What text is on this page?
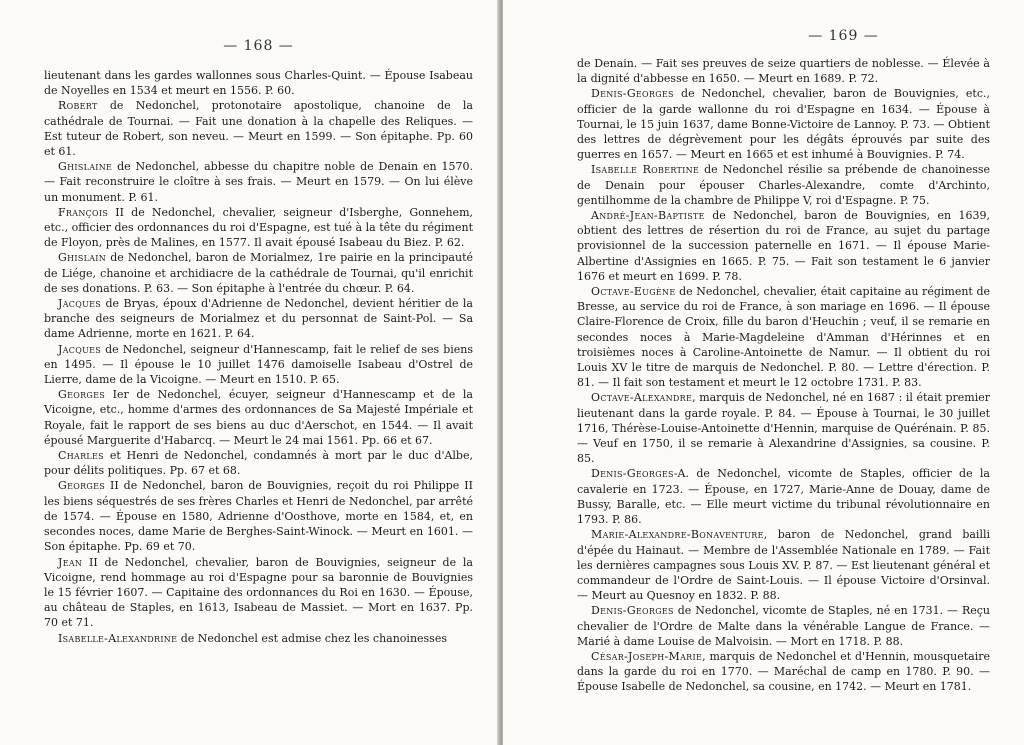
— 168 —

lieutenant dans les gardes wallonnes sous Charles-Quint. — Épouse Isabeau de Noyelles en 1534 et meurt en 1556. P. 60.

Robert de Nedonchel, protonotaire apostolique, chanoine de la cathédrale de Tournai. — Fait une donation à la chapelle des Reliques. — Est tuteur de Robert, son neveu. — Meurt en 1599. — Son épitaphe. Pp. 60 et 61.

Ghislaine de Nedonchel, abbesse du chapitre noble de Denain en 1570. — Fait reconstruire le cloître à ses frais. — Meurt en 1579. — On lui élève un monument. P. 61.

François II de Nedonchel, chevalier, seigneur d'Isberghe, Gonnehem, etc., officier des ordonnances du roi d'Espagne, est tué à la tête du régiment de Floyon, près de Malines, en 1577. Il avait épousé Isabeau du Biez. P. 62.

Ghislain de Nedonchel, baron de Morialmez, 1re pairie en la principauté de Liége, chanoine et archidiacre de la cathédrale de Tournai, qu'il enrichit de ses donations. P. 63. — Son épitaphe à l'entrée du chœur. P. 64.

Jacques de Bryas, époux d'Adrienne de Nedonchel, devient héritier de la branche des seigneurs de Morialmez et du personnat de Saint-Pol. — Sa dame Adrienne, morte en 1621. P. 64.

Jacques de Nedonchel, seigneur d'Hannescamp, fait le relief de ses biens en 1495. — Il épouse le 10 juillet 1476 damoiselle Isabeau d'Ostrel de Lierre, dame de la Vicoigne. — Meurt en 1510. P. 65.

Georges Ier de Nedonchel, écuyer, seigneur d'Hannescamp et de la Vicoigne, etc., homme d'armes des ordonnances de Sa Majesté Impériale et Royale, fait le rapport de ses biens au duc d'Aerschot, en 1544. — Il avait épousé Marguerite d'Habarcq. — Meurt le 24 mai 1561. Pp. 66 et 67.

Charles et Henri de Nedonchel, condamnés à mort par le duc d'Albe, pour délits politiques. Pp. 67 et 68.

Georges II de Nedonchel, baron de Bouvignies, reçoit du roi Philippe II les biens séquestrés de ses frères Charles et Henri de Nedonchel, par arrêté de 1574. — Épouse en 1580, Adrienne d'Oosthove, morte en 1584, et, en secondes noces, dame Marie de Berghes-Saint-Winock. — Meurt en 1601. — Son épitaphe. Pp. 69 et 70.

Jean II de Nedonchel, chevalier, baron de Bouvignies, seigneur de la Vicoigne, rend hommage au roi d'Espagne pour sa baronnie de Bouvignies le 15 février 1607. — Capitaine des ordonnances du Roi en 1630. — Épouse, au château de Staples, en 1613, Isabeau de Massiet. — Mort en 1637. Pp. 70 et 71.

Isabelle-Alexandrine de Nedonchel est admise chez les chanoinesses

— 169 —

de Denain. — Fait ses preuves de seize quartiers de noblesse. — Élevée à la dignité d'abbesse en 1650. — Meurt en 1689. P. 72.

Denis-Georges de Nedonchel, chevalier, baron de Bouvignies, etc., officier de la garde wallonne du roi d'Espagne en 1634. — Épouse à Tournai, le 15 juin 1637, dame Bonne-Victoire de Lannoy. P. 73. — Obtient des lettres de dégrèvement pour les dégâts éprouvés par suite des guerres en 1657. — Meurt en 1665 et est inhumé à Bouvignies. P. 74.

Isabelle Robertine de Nedonchel résilie sa prébende de chanoinesse de Denain pour épouser Charles-Alexandre, comte d'Archinto, gentilhomme de la chambre de Philippe V, roi d'Espagne. P. 75.

André-Jean-Baptiste de Nedonchel, baron de Bouvignies, en 1639, obtient des lettres de résertion du roi de France, au sujet du partage provisionnel de la succession paternelle en 1671. — Il épouse Marie-Albertine d'Assignies en 1665. P. 75. — Fait son testament le 6 janvier 1676 et meurt en 1699. P. 78.

Octave-Eugène de Nedonchel, chevalier, était capitaine au régiment de Bresse, au service du roi de France, à son mariage en 1696. — Il épouse Claire-Florence de Croix, fille du baron d'Heuchin ; veuf, il se remarie en secondes noces à Marie-Magdeleine d'Amman d'Hérinnes et en troisièmes noces à Caroline-Antoinette de Namur. — Il obtient du roi Louis XV le titre de marquis de Nedonchel. P. 80. — Lettre d'érection. P. 81. — Il fait son testament et meurt le 12 octobre 1731. P. 83.

Octave-Alexandre, marquis de Nedonchel, né en 1687 : il était premier lieutenant dans la garde royale. P. 84. — Épouse à Tournai, le 30 juillet 1716, Thérèse-Louise-Antoinette d'Hennin, marquise de Quérénain. P. 85. — Veuf en 1750, il se remarie à Alexandrine d'Assignies, sa cousine. P. 85.

Denis-Georges-A. de Nedonchel, vicomte de Staples, officier de la cavalerie en 1723. — Épouse, en 1727, Marie-Anne de Douay, dame de Bussy, Baralle, etc. — Elle meurt victime du tribunal révolutionnaire en 1793. P. 86.

Marie-Alexandre-Bonaventure, baron de Nedonchel, grand bailli d'épée du Hainaut. — Membre de l'Assemblée Nationale en 1789. — Fait les dernières campagnes sous Louis XV. P. 87. — Est lieutenant général et commandeur de l'Ordre de Saint-Louis. — Il épouse Victoire d'Orsinval. — Meurt au Quesnoy en 1832. P. 88.

Denis-Georges de Nedonchel, vicomte de Staples, né en 1731. — Reçu chevalier de l'Ordre de Malte dans la vénérable Langue de France. — Marié à dame Louise de Malvoisin. — Mort en 1718. P. 88.

César-Joseph-Marie, marquis de Nedonchel et d'Hennin, mousquetaire dans la garde du roi en 1770. — Maréchal de camp en 1780. P. 90. — Épouse Isabelle de Nedonchel, sa cousine, en 1742. — Meurt en 1781.
